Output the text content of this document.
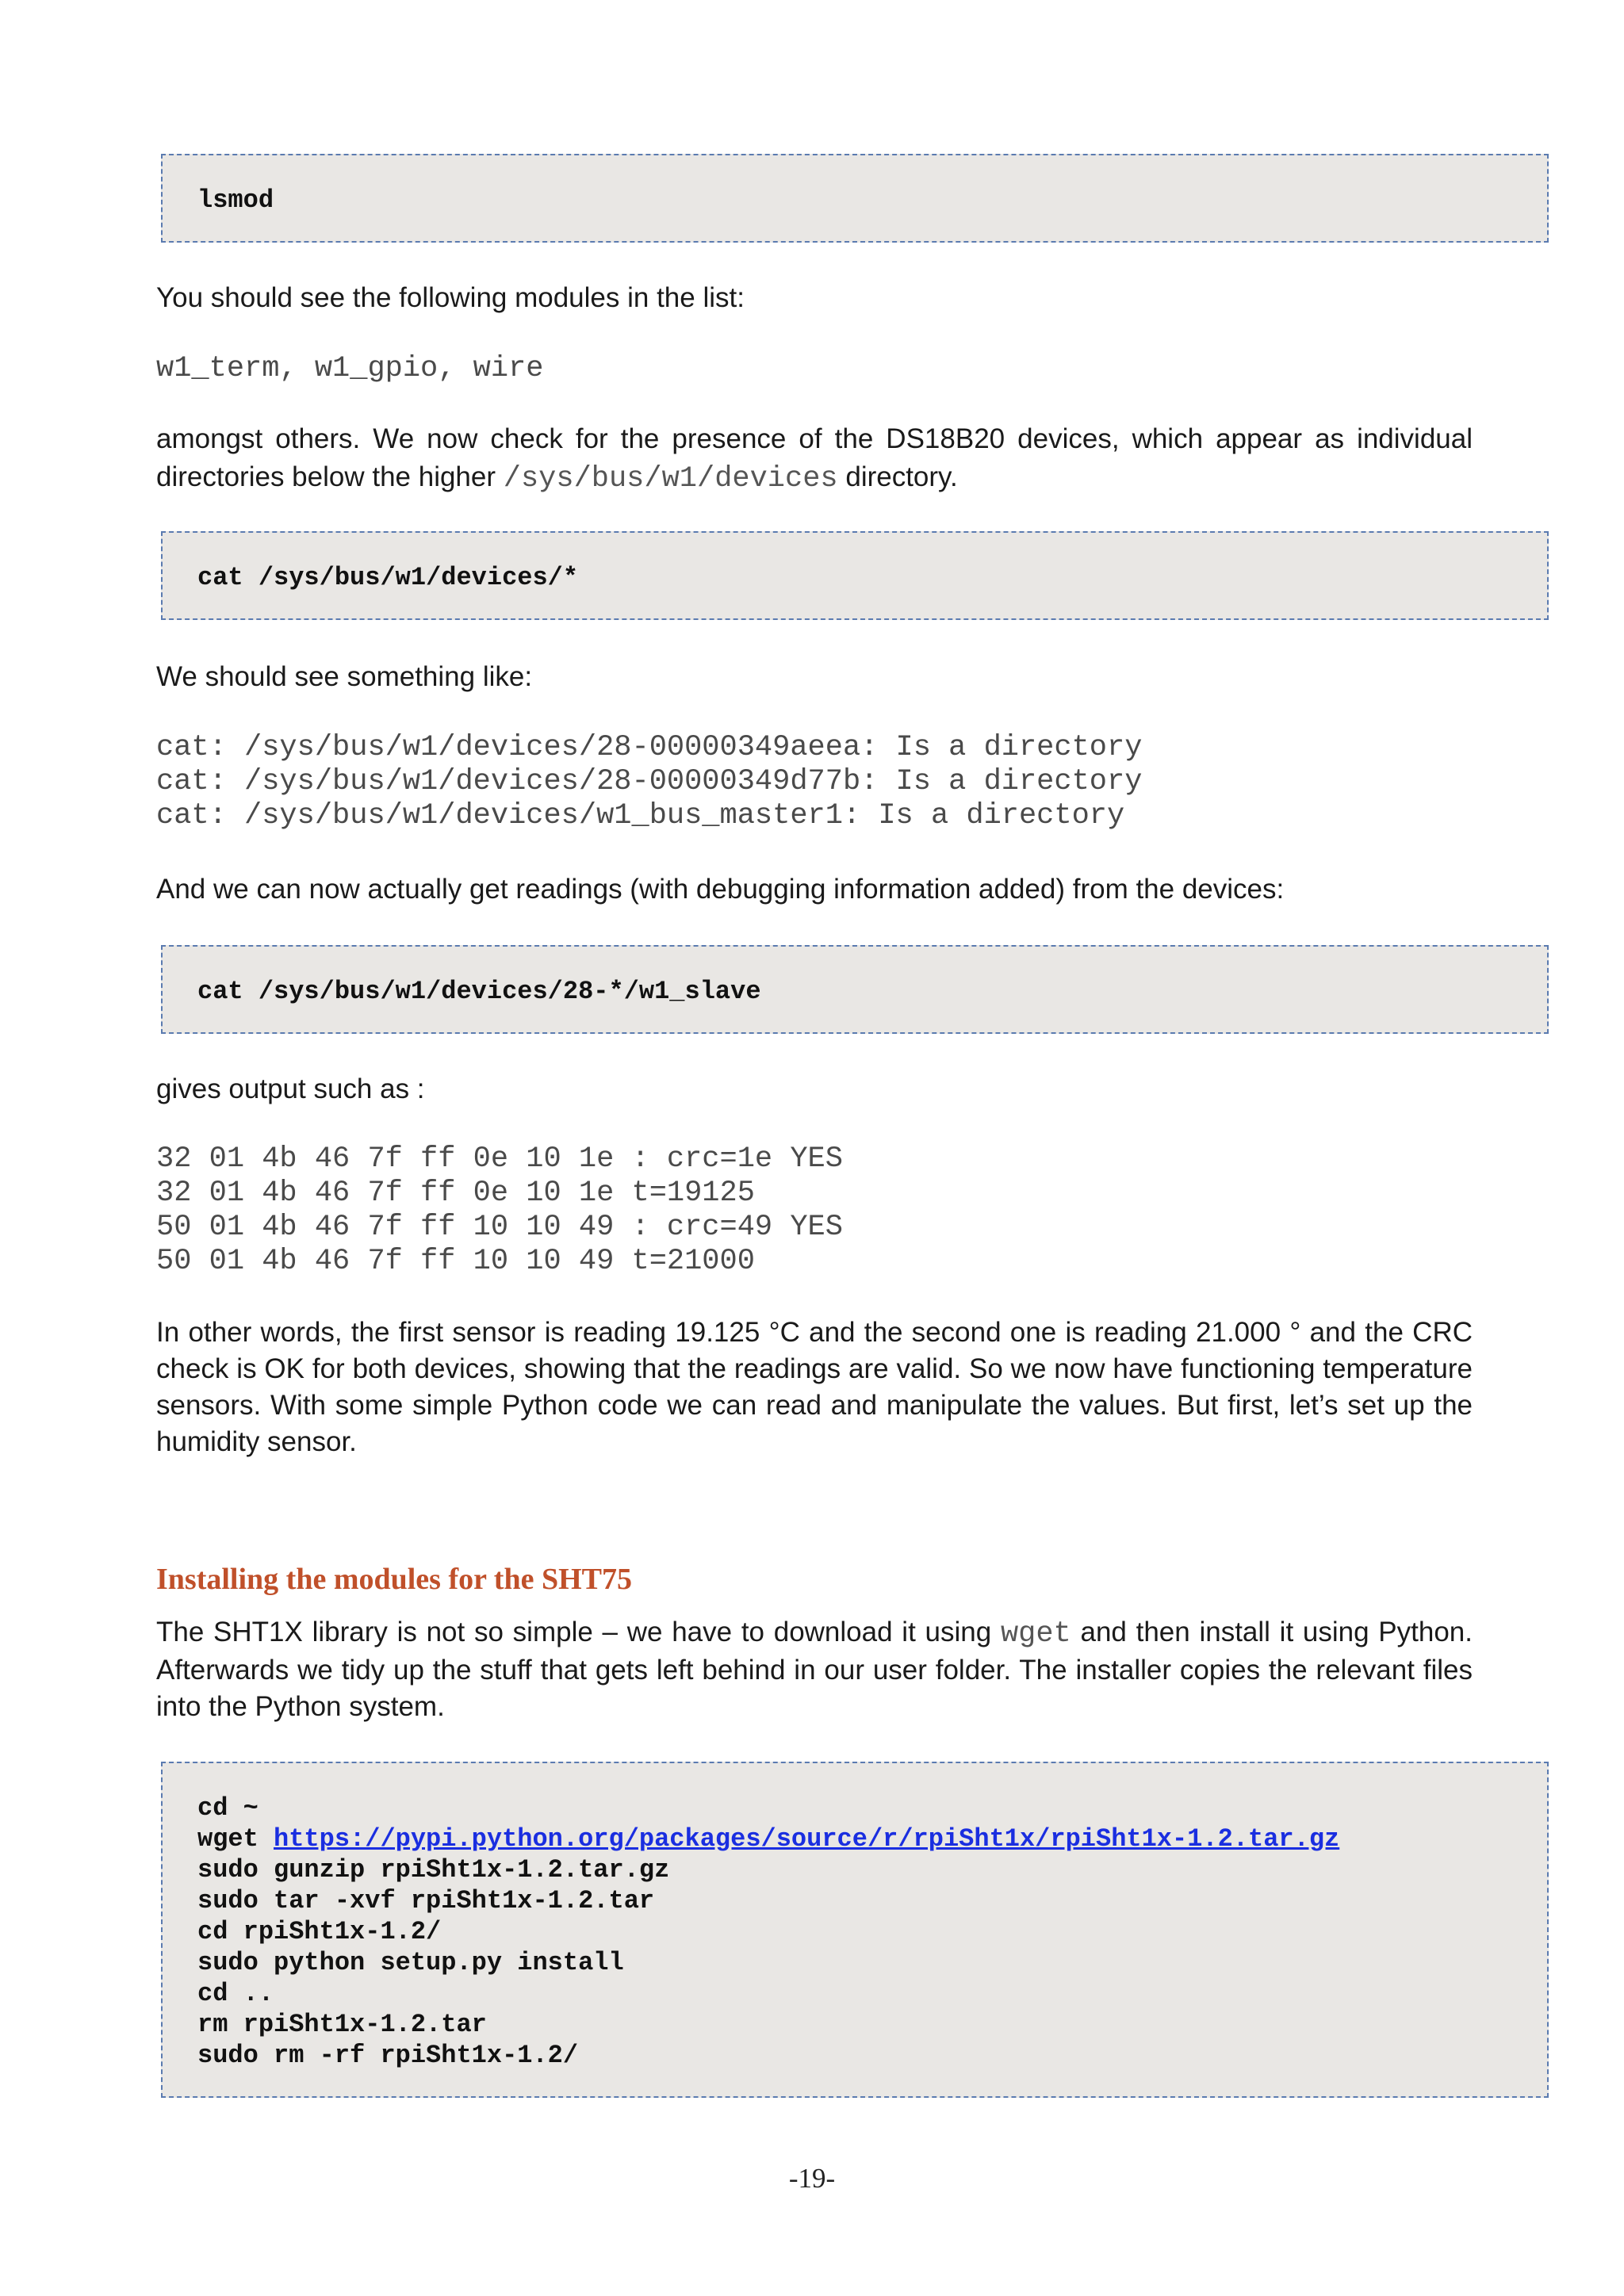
lsmod
You should see the following modules in the list:
w1_term, w1_gpio, wire
amongst others. We now check for the presence of the DS18B20 devices, which appear as individual directories below the higher /sys/bus/w1/devices directory.
cat /sys/bus/w1/devices/*
We should see something like:
cat: /sys/bus/w1/devices/28-00000349aeea: Is a directory
cat: /sys/bus/w1/devices/28-00000349d77b: Is a directory
cat: /sys/bus/w1/devices/w1_bus_master1: Is a directory
And we can now actually get readings (with debugging information added) from the devices:
cat /sys/bus/w1/devices/28-*/w1_slave
gives output such as :
32 01 4b 46 7f ff 0e 10 1e : crc=1e YES
32 01 4b 46 7f ff 0e 10 1e t=19125
50 01 4b 46 7f ff 10 10 49 : crc=49 YES
50 01 4b 46 7f ff 10 10 49 t=21000
In other words, the first sensor is reading 19.125 °C and the second one is reading 21.000 ° and the CRC check is OK for both devices, showing that the readings are valid. So we now have functioning temperature sensors. With some simple Python code we can read and manipulate the values. But first, let’s set up the humidity sensor.
Installing the modules for the SHT75
The SHT1X library is not so simple – we have to download it using wget and then install it using Python. Afterwards we tidy up the stuff that gets left behind in our user folder. The installer copies the relevant files into the Python system.
cd ~
wget https://pypi.python.org/packages/source/r/rpiSht1x/rpiSht1x-1.2.tar.gz
sudo gunzip rpiSht1x-1.2.tar.gz
sudo tar -xvf rpiSht1x-1.2.tar
cd rpiSht1x-1.2/
sudo python setup.py install
cd ..
rm rpiSht1x-1.2.tar
sudo rm -rf rpiSht1x-1.2/
-19-
